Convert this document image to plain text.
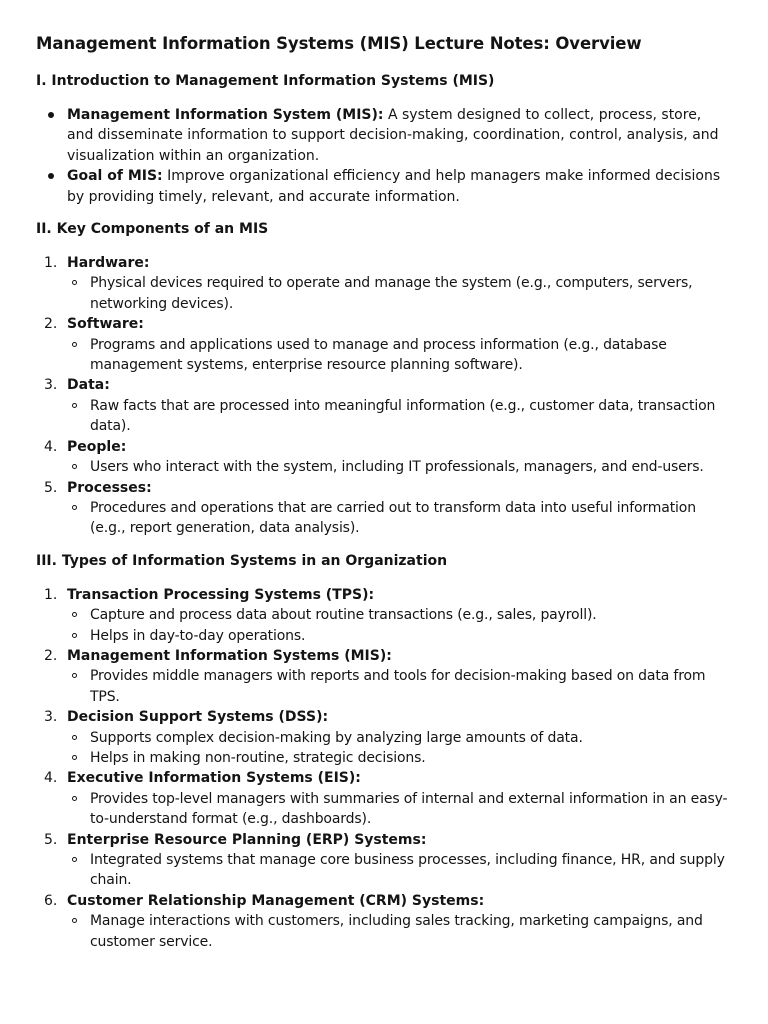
Management Information Systems (MIS) Lecture Notes: Overview
I. Introduction to Management Information Systems (MIS)
Management Information System (MIS): A system designed to collect, process, store, and disseminate information to support decision-making, coordination, control, analysis, and visualization within an organization.
Goal of MIS: Improve organizational efficiency and help managers make informed decisions by providing timely, relevant, and accurate information.
II. Key Components of an MIS
1. Hardware:
Physical devices required to operate and manage the system (e.g., computers, servers, networking devices).
2. Software:
Programs and applications used to manage and process information (e.g., database management systems, enterprise resource planning software).
3. Data:
Raw facts that are processed into meaningful information (e.g., customer data, transaction data).
4. People:
Users who interact with the system, including IT professionals, managers, and end-users.
5. Processes:
Procedures and operations that are carried out to transform data into useful information (e.g., report generation, data analysis).
III. Types of Information Systems in an Organization
1. Transaction Processing Systems (TPS):
Capture and process data about routine transactions (e.g., sales, payroll).
Helps in day-to-day operations.
2. Management Information Systems (MIS):
Provides middle managers with reports and tools for decision-making based on data from TPS.
3. Decision Support Systems (DSS):
Supports complex decision-making by analyzing large amounts of data.
Helps in making non-routine, strategic decisions.
4. Executive Information Systems (EIS):
Provides top-level managers with summaries of internal and external information in an easy-to-understand format (e.g., dashboards).
5. Enterprise Resource Planning (ERP) Systems:
Integrated systems that manage core business processes, including finance, HR, and supply chain.
6. Customer Relationship Management (CRM) Systems:
Manage interactions with customers, including sales tracking, marketing campaigns, and customer service.
